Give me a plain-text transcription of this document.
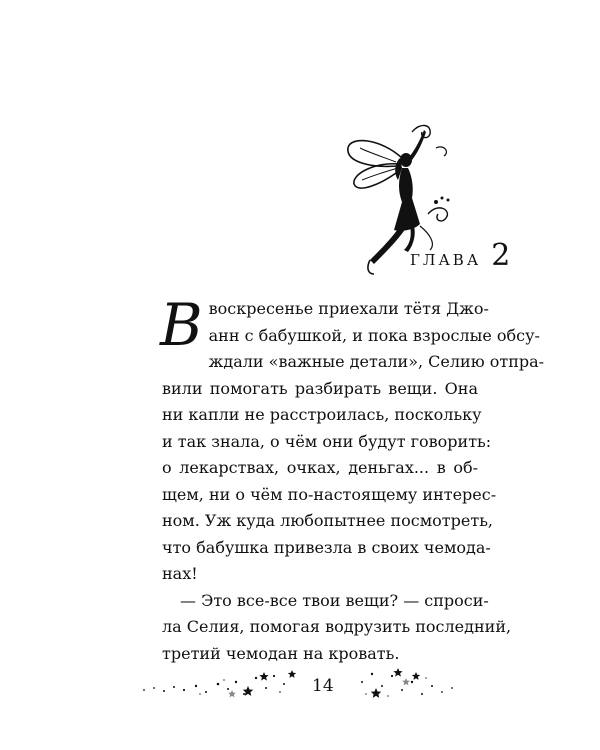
ГЛАВА 2
В воскресенье приехали тётя Джо-
анн с бабушкой, и пока взрослые обсу-
ждали «важные детали», Селию отпра-
вили помогать разбирать вещи. Она
ни капли не расстроилась, поскольку
и так знала, о чём они будут говорить:
о лекарствах, очках, деньгах... в об-
щем, ни о чём по-настоящему интерес-
ном. Уж куда любопытнее посмотреть,
что бабушка привезла в своих чемода-
нах!
— Это все-все твои вещи? — спроси-
ла Селия, помогая водрузить последний,
третий чемодан на кровать.
14
